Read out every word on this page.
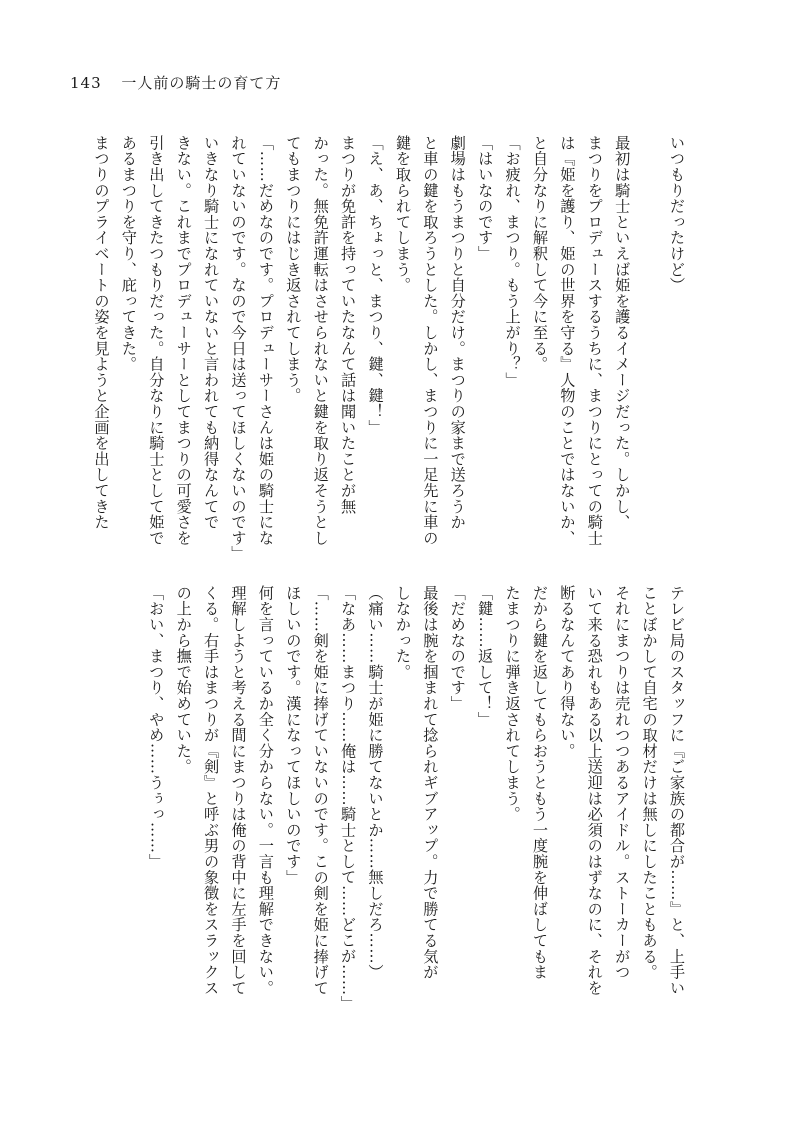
143 一人前の騎士の育て方
いつもりだったけど）
最初は騎士といえば姫を護るイメージだった。しかし、
まつりをプロデュースするうちに、まつりにとっての騎士
は『姫を護り、姫の世界を守る』人物のことではないか、
と自分なりに解釈して今に至る。
「お疲れ、まつり。もう上がり？」
「はいなのです」
劇場はもうまつりと自分だけ。まつりの家まで送ろうか
と車の鍵を取ろうとした。しかし、まつりに一足先に車の
鍵を取られてしまう。
「え、あ、ちょっと、まつり、鍵、鍵！」
まつりが免許を持っていたなんて話は聞いたことが無
かった。無免許運転はさせられないと鍵を取り返そうとし
てもまつりにはじき返されてしまう。
「……だめなのです。プロデューサーさんは姫の騎士にな
れていないのです。なので今日は送ってほしくないのです」
いきなり騎士になれていないと言われても納得なんてで
きない。これまでプロデューサーとしてまつりの可愛さを
引き出してきたつもりだった。自分なりに騎士として姫で
あるまつりを守り、庇ってきた。
まつりのプライベートの姿を見ようと企画を出してきた
テレビ局のスタッフに『ご家族の都合が……』と、上手い
ことぼかして自宅の取材だけは無しにしたこともある。
それにまつりは売れつつあるアイドル。ストーカーがつ
いて来る恐れもある以上送迎は必須のはずなのに、それを
断るなんてあり得ない。
だから鍵を返してもらおうともう一度腕を伸ばしてもま
たまつりに弾き返されてしまう。
「鍵……返して！」
「だめなのです」
最後は腕を掴まれて捻られギブアップ。力で勝てる気が
しなかった。
（痛い……騎士が姫に勝てないとか……無しだろ……）
「なあ……まつり……俺は……騎士として……どこが……」
「……剣を姫に捧げていないのです。この剣を姫に捧げて
ほしいのです。漢になってほしいのです」
何を言っているか全く分からない。一言も理解できない。
理解しようと考える間にまつりは俺の背中に左手を回して
くる。右手はまつりが『剣』と呼ぶ男の象徴をスラックス
の上から撫で始めていた。
「おい、まつり、やめ……うぅっ……」
